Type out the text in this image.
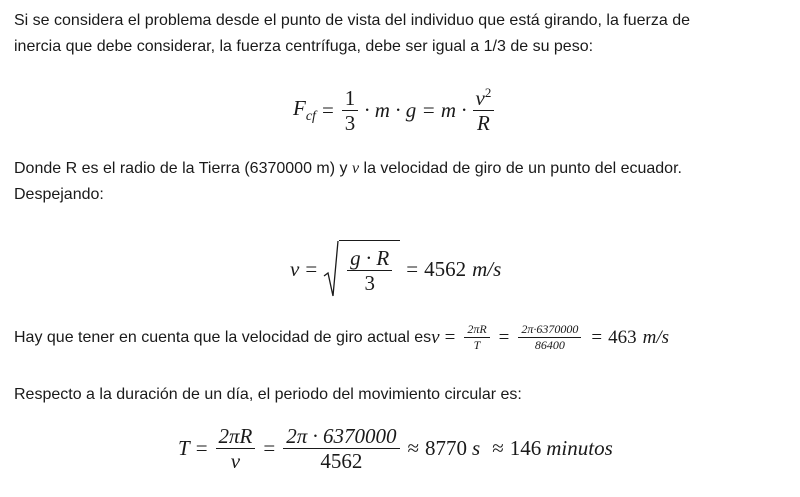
Si se considera el problema desde el punto de vista del individuo que está girando, la fuerza de
inercia que debe considerar, la fuerza centrífuga, debe ser igual a 1/3 de su peso:
$F_{cf} = \frac{1}{3} \cdot m \cdot g = m \cdot \frac{v^2}{R}$
Donde R es el radio de la Tierra (6370000 m) y v la velocidad de giro de un punto del ecuador.
Despejando:
$v = \frac{g \cdot R}{3} = 4562$ m/s
Hay que tener en cuenta que la velocidad de giro actual es $v = \frac{2\pi R}{T} = \frac{2\pi\cdot 6370000}{86400} = 463$ m/s
Respecto a la duración de un día, el periodo del movimiento circular es:
$T = \frac{2\pi R}{v} = \frac{2\pi \cdot 6370000}{4562} \approx 8770$ s ≈ 146 minutos
